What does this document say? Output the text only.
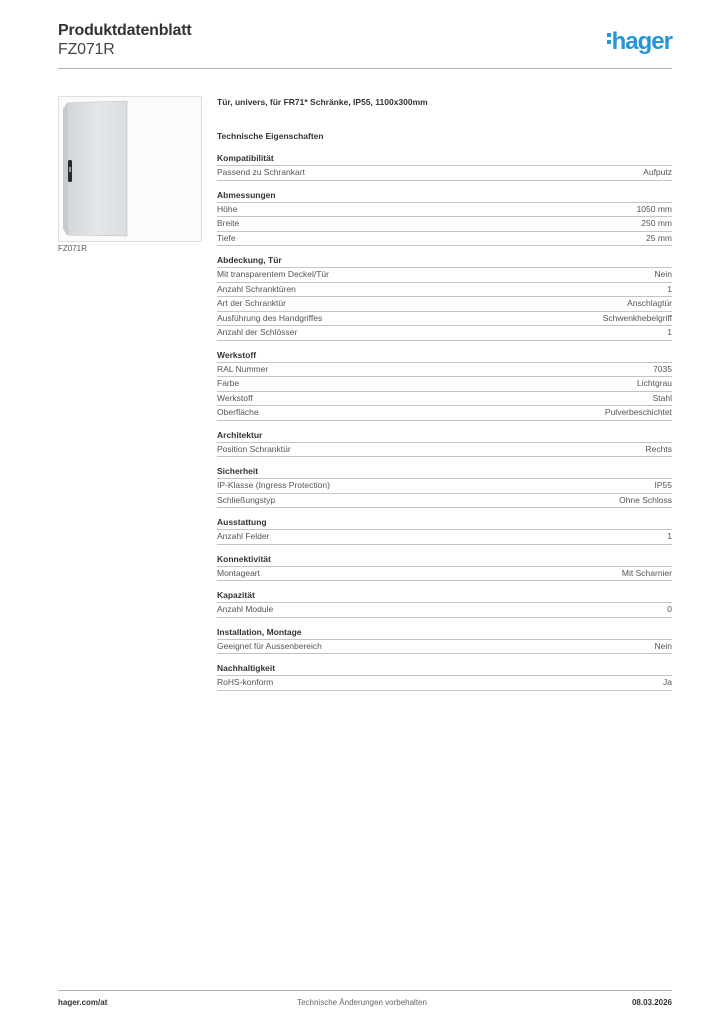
Produktdatenblatt
FZ071R	hager
FZ071R
Tür, univers, für FR71* Schränke, IP55, 1100x300mm
Technische Eigenschaften
Kompatibilität
Passend zu Schrankart	Aufputz
Abmessungen
Höhe	1050 mm
Breite	250 mm
Tiefe	25 mm
Abdeckung, Tür
Mit transparentem Deckel/Tür	Nein
Anzahl Schranktüren	1
Art der Schranktür	Anschlagtür
Ausführung des Handgriffes	Schwenkhebelgriff
Anzahl der Schlösser	1
Werkstoff
RAL Nummer	7035
Farbe	Lichtgrau
Werkstoff	Stahl
Oberfläche	Pulverbeschichtet
Architektur
Position Schranktür	Rechts
Sicherheit
IP-Klasse (Ingress Protection)	IP55
Schließungstyp	Ohne Schloss
Ausstattung
Anzahl Felder	1
Konnektivität
Montageart	Mit Scharnier
Kapazität
Anzahl Module	0
Installation, Montage
Geeignet für Aussenbereich	Nein
Nachhaltigkeit
RoHS-konform	Ja
hager.com/at	Technische Änderungen vorbehalten	08.03.2026
